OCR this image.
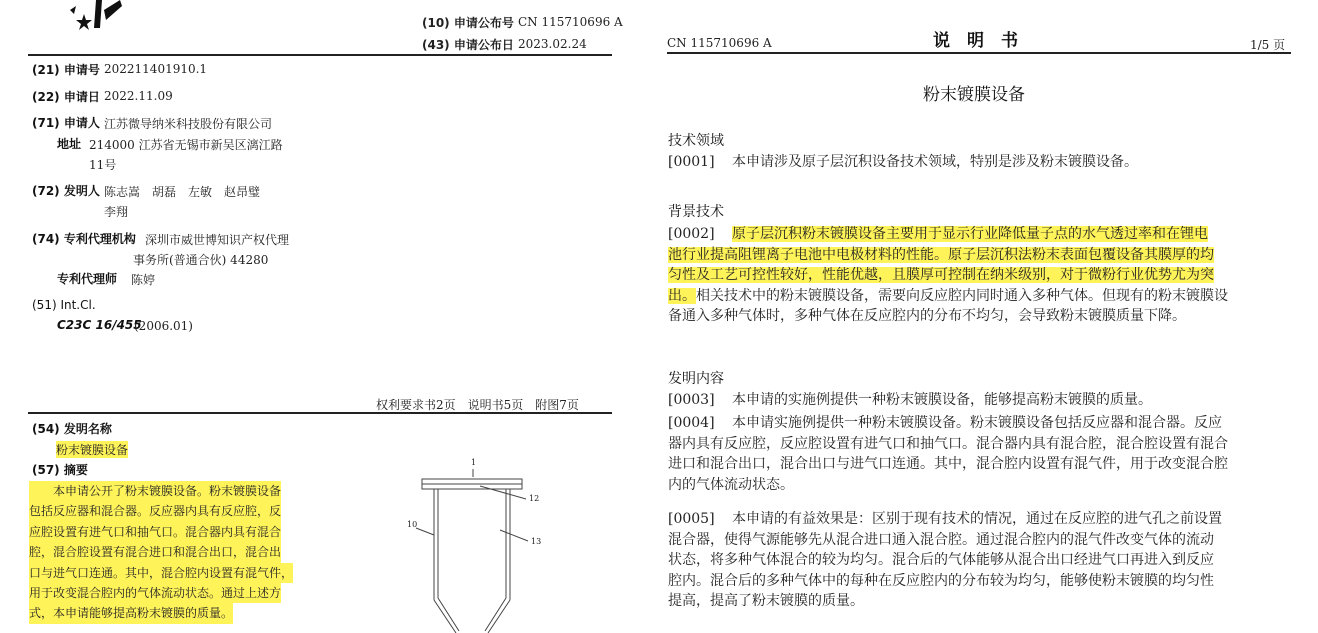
(10) 申请公布号 CN 115710696 A
(43) 申请公布日 2023.02.24
(21) 申请号 202211401910.1
(22) 申请日 2022.11.09
(71) 申请人 江苏微导纳米科技股份有限公司
地址 214000 江苏省无锡市新吴区漓江路
11号
(72) 发明人 陈志嵩　胡磊　左敏　赵昂璧
李翔
(74) 专利代理机构 深圳市威世博知识产权代理
事务所(普通合伙) 44280
专利代理师 陈婷
(51) Int.Cl.
C23C 16/455
(2006.01)
权利要求书2页　说明书5页　附图7页
(54) 发明名称
粉末镀膜设备
(57) 摘要
　　本申请公开了粉末镀膜设备。粉末镀膜设备
包括反应器和混合器。反应器内具有反应腔，反
应腔设置有进气口和抽气口。混合器内具有混合
腔，混合腔设置有混合进口和混合出口，混合出
口与进气口连通。其中，混合腔内设置有混气件，
用于改变混合腔内的气体流动状态。通过上述方
式，本申请能够提高粉末镀膜的质量。
1
12
13
10
CN 115710696 A	说　明　书	1/5 页
粉末镀膜设备
技术领域
[0001] 本申请涉及原子层沉积设备技术领域，特别是涉及粉末镀膜设备。
背景技术
[0002] 原子层沉积粉末镀膜设备主要用于显示行业降低量子点的水气透过率和在锂电
池行业提高阻锂离子电池中电极材料的性能。原子层沉积法粉末表面包覆设备其膜厚的均
匀性及工艺可控性较好，性能优越，且膜厚可控制在纳米级别，对于微粉行业优势尤为突
出。相关技术中的粉末镀膜设备，需要向反应腔内同时通入多种气体。但现有的粉末镀膜设
备通入多种气体时，多种气体在反应腔内的分布不均匀，会导致粉末镀膜质量下降。
发明内容
[0003] 本申请的实施例提供一种粉末镀膜设备，能够提高粉末镀膜的质量。
[0004] 本申请实施例提供一种粉末镀膜设备。粉末镀膜设备包括反应器和混合器。反应
器内具有反应腔，反应腔设置有进气口和抽气口。混合器内具有混合腔，混合腔设置有混合
进口和混合出口，混合出口与进气口连通。其中，混合腔内设置有混气件，用于改变混合腔
内的气体流动状态。
[0005] 本申请的有益效果是：区别于现有技术的情况，通过在反应腔的进气孔之前设置
混合器，使得气源能够先从混合进口通入混合腔。通过混合腔内的混气件改变气体的流动
状态，将多种气体混合的较为均匀。混合后的气体能够从混合出口经进气口再进入到反应
腔内。混合后的多种气体中的每种在反应腔内的分布较为均匀，能够使粉末镀膜的均匀性
提高，提高了粉末镀膜的质量。
